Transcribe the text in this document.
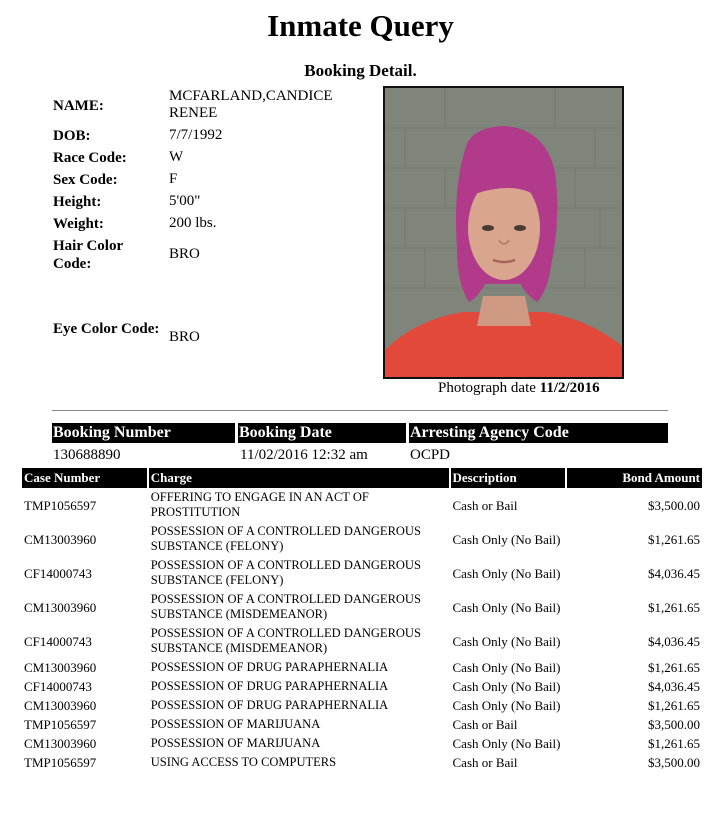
Inmate Query
Booking Detail.
NAME:
MCFARLAND,CANDICE RENEE
DOB:	7/7/1992
Race Code:	W
Sex Code:	F
Height:	5'00"
Weight:	200 lbs.
Hair Color Code:
BRO
Eye Color Code: BRO
Photograph date 11/2/2016
Booking Number	Booking Date	Arresting Agency Code
130688890	11/02/2016 12:32 am	OCPD
Case Number	Charge	Description	Bond Amount
TMP1056597	OFFERING TO ENGAGE IN AN ACT OF PROSTITUTION	Cash or Bail	$3,500.00
CM13003960	POSSESSION OF A CONTROLLED DANGEROUS SUBSTANCE (FELONY)	Cash Only (No Bail)	$1,261.65
CF14000743	POSSESSION OF A CONTROLLED DANGEROUS SUBSTANCE (FELONY)	Cash Only (No Bail)	$4,036.45
CM13003960	POSSESSION OF A CONTROLLED DANGEROUS SUBSTANCE (MISDEMEANOR)	Cash Only (No Bail)	$1,261.65
CF14000743	POSSESSION OF A CONTROLLED DANGEROUS SUBSTANCE (MISDEMEANOR)	Cash Only (No Bail)	$4,036.45
CM13003960	POSSESSION OF DRUG PARAPHERNALIA	Cash Only (No Bail)	$1,261.65
CF14000743	POSSESSION OF DRUG PARAPHERNALIA	Cash Only (No Bail)	$4,036.45
CM13003960	POSSESSION OF DRUG PARAPHERNALIA	Cash Only (No Bail)	$1,261.65
TMP1056597	POSSESSION OF MARIJUANA	Cash or Bail	$3,500.00
CM13003960	POSSESSION OF MARIJUANA	Cash Only (No Bail)	$1,261.65
TMP1056597	USING ACCESS TO COMPUTERS	Cash or Bail	$3,500.00
